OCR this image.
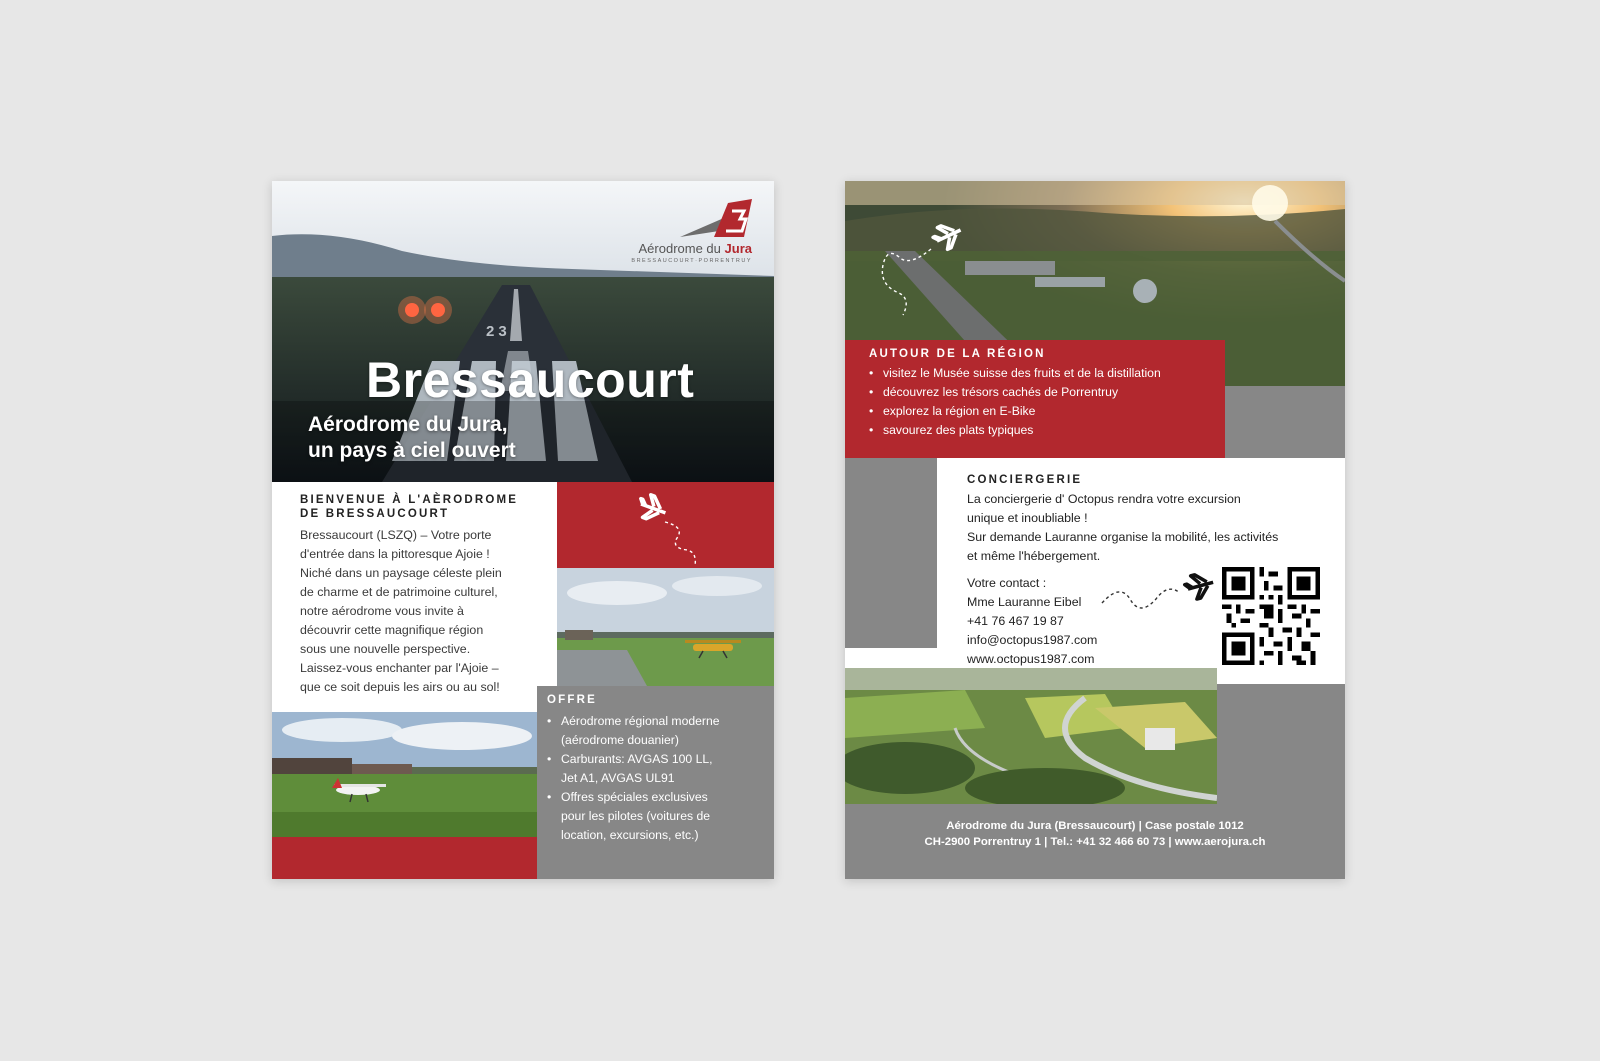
23
Aérodrome du Jura
BRESSAUCOURT·PORRENTRUY
Bressaucourt
Aérodrome du Jura,
un pays à ciel ouvert
BIENVENUE À L'AÈRODROME
DE BRESSAUCOURT
Bressaucourt (LSZQ) – Votre porte
d'entrée dans la pittoresque Ajoie !
Niché dans un paysage céleste plein
de charme et de patrimoine culturel,
notre aérodrome vous invite à
découvrir cette magnifique région
sous une nouvelle perspective.
Laissez-vous enchanter par l'Ajoie –
que ce soit depuis les airs ou au sol!
OFFRE
• Aérodrome régional moderne
(aérodrome douanier)
• Carburants: AVGAS 100 LL,
Jet A1, AVGAS UL91
• Offres spéciales exclusives
pour les pilotes (voitures de
location, excursions, etc.)
AUTOUR DE LA RÉGION
• visitez le Musée suisse des fruits et de la distillation
• découvrez les trésors cachés de Porrentruy
• explorez la région en E-Bike
• savourez des plats typiques
CONCIERGERIE
La conciergerie d' Octopus rendra votre excursion
unique et inoubliable !
Sur demande Lauranne organise la mobilité, les activités
et même l'hébergement.
Votre contact :
Mme Lauranne Eibel
+41 76 467 19 87
info@octopus1987.com
www.octopus1987.com
Aérodrome du Jura (Bressaucourt) | Case postale 1012
CH-2900 Porrentruy 1 | Tel.: +41 32 466 60 73 | www.aerojura.ch
